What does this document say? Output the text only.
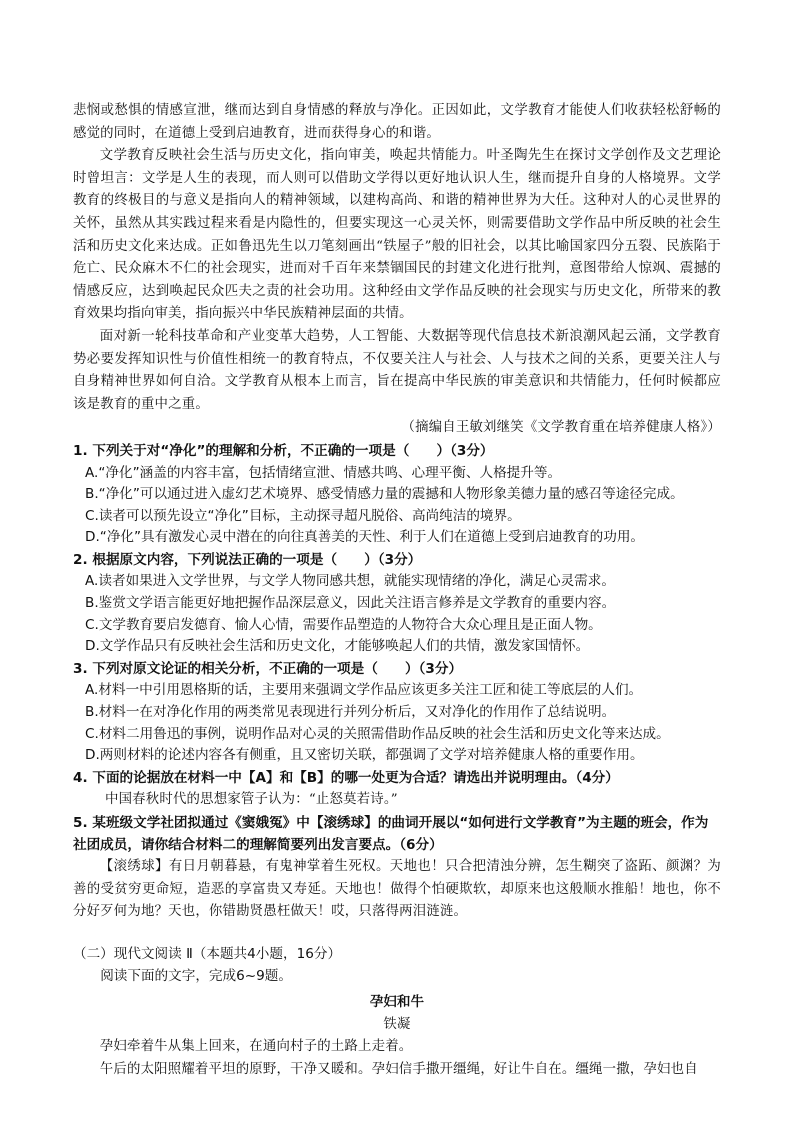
悲悯或愁惧的情感宣泄，继而达到自身情感的释放与净化。正因如此，文学教育才能使人们收获轻松舒畅的感觉的同时，在道德上受到启迪教育，进而获得身心的和谐。

文学教育反映社会生活与历史文化，指向审美，唤起共情能力。叶圣陶先生在探讨文学创作及文艺理论时曾坦言：文学是人生的表现，而人则可以借助文学得以更好地认识人生，继而提升自身的人格境界。文学教育的终极目的与意义是指向人的精神领域，以建构高尚、和谐的精神世界为大任。这种对人的心灵世界的关怀，虽然从其实践过程来看是内隐性的，但要实现这一心灵关怀，则需要借助文学作品中所反映的社会生活和历史文化来达成。正如鲁迅先生以刀笔刻画出“铁屋子”般的旧社会，以其比喻国家四分五裂、民族陷于危亡、民众麻木不仁的社会现实，进而对千百年来禁锢国民的封建文化进行批判，意图带给人惊飒、震撼的情感反应，达到唤起民众匹夫之责的社会功用。这种经由文学作品反映的社会现实与历史文化，所带来的教育效果均指向审美，指向振兴中华民族精神层面的共情。

面对新一轮科技革命和产业变革大趋势，人工智能、大数据等现代信息技术新浪潮风起云涌，文学教育势必要发挥知识性与价值性相统一的教育特点，不仅要关注人与社会、人与技术之间的关系，更要关注人与自身精神世界如何自洽。文学教育从根本上而言，旨在提高中华民族的审美意识和共情能力，任何时候都应该是教育的重中之重。

（摘编自王敏刘继笑《文学教育重在培养健康人格》）

1. 下列关于对“净化”的理解和分析，不正确的一项是（　　）（3分）

A.“净化”涵盖的内容丰富，包括情绪宣泄、情感共鸣、心理平衡、人格提升等。

B.“净化”可以通过进入虚幻艺术境界、感受情感力量的震撼和人物形象美德力量的感召等途径完成。

C.读者可以预先设立“净化”目标，主动探寻超凡脱俗、高尚纯洁的境界。

D.“净化”具有激发心灵中潜在的向往真善美的天性、利于人们在道德上受到启迪教育的功用。

2. 根据原文内容，下列说法正确的一项是（　　）（3分）

A.读者如果进入文学世界，与文学人物同感共想，就能实现情绪的净化，满足心灵需求。

B.鉴赏文学语言能更好地把握作品深层意义，因此关注语言修养是文学教育的重要内容。

C.文学教育要启发德育、愉人心情，需要作品塑造的人物符合大众心理且是正面人物。

D.文学作品只有反映社会生活和历史文化，才能够唤起人们的共情，激发家国情怀。

3. 下列对原文论证的相关分析，不正确的一项是（　　）（3分）

A.材料一中引用恩格斯的话，主要用来强调文学作品应该更多关注工匠和徒工等底层的人们。

B.材料一在对净化作用的两类常见表现进行并列分析后，又对净化的作用作了总结说明。

C.材料二用鲁迅的事例，说明作品对心灵的关照需借助作品反映的社会生活和历史文化等来达成。

D.两则材料的论述内容各有侧重，且又密切关联，都强调了文学对培养健康人格的重要作用。

4. 下面的论据放在材料一中【A】和【B】的哪一处更为合适？请选出并说明理由。（4分）

中国春秋时代的思想家管子认为：“止怒莫若诗。”

5. 某班级文学社团拟通过《窦娥冤》中【滚绣球】的曲词开展以“如何进行文学教育”为主题的班会，作为社团成员，请你结合材料二的理解简要列出发言要点。（6分）

【滚绣球】有日月朝暮悬，有鬼神掌着生死权。天地也！只合把清浊分辨，怎生糊突了盗跖、颜渊？为善的受贫穷更命短，造恶的享富贵又寿延。天地也！做得个怕硬欺软，却原来也这般顺水推船！地也，你不分好歹何为地？天也，你错勘贤愚枉做天！哎，只落得两泪涟涟。

（二）现代文阅读 Ⅱ（本题共4小题，16分）

阅读下面的文字，完成6~9题。

孕妇和牛

铁凝

孕妇牵着牛从集上回来，在通向村子的土路上走着。

午后的太阳照耀着平坦的原野，干净又暖和。孕妇信手撒开缰绳，好让牛自在。缰绳一撒，孕妇也自
